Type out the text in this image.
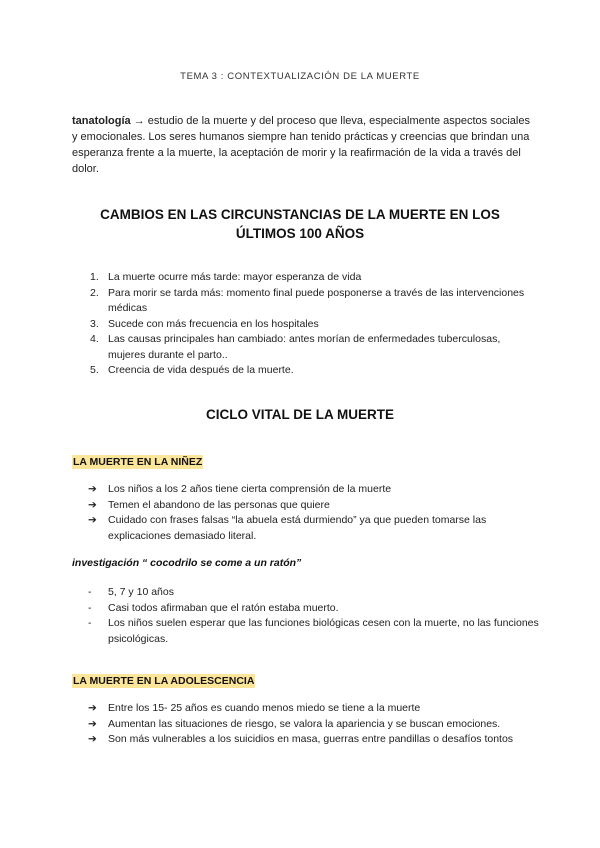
TEMA 3 : CONTEXTUALIZACIÓN DE LA MUERTE
tanatología → estudio de la muerte y del proceso que lleva, especialmente aspectos sociales y emocionales. Los seres humanos siempre han tenido prácticas y creencias que brindan una esperanza frente a la muerte, la aceptación de morir y la reafirmación de la vida a través del dolor.
CAMBIOS EN LAS CIRCUNSTANCIAS DE LA MUERTE EN LOS
ÚLTIMOS 100 AÑOS
1. La muerte ocurre más tarde: mayor esperanza de vida
2. Para morir se tarda más: momento final puede posponerse a través de las intervenciones médicas
3. Sucede con más frecuencia en los hospitales
4. Las causas principales han cambiado: antes morían de enfermedades tuberculosas, mujeres durante el parto..
5. Creencia de vida después de la muerte.
CICLO VITAL DE LA MUERTE
LA MUERTE EN LA NIÑEZ
➔ Los niños a los 2 años tiene cierta comprensión de la muerte
➔ Temen el abandono de las personas que quiere
➔ Cuidado con frases falsas “la abuela está durmiendo” ya que pueden tomarse las explicaciones demasiado literal.
investigación “ cocodrilo se come a un ratón”
- 5, 7 y 10 años
- Casi todos afirmaban que el ratón estaba muerto.
- Los niños suelen esperar que las funciones biológicas cesen con la muerte, no las funciones psicológicas.
LA MUERTE EN LA ADOLESCENCIA
➔ Entre los 15- 25 años es cuando menos miedo se tiene a la muerte
➔ Aumentan las situaciones de riesgo, se valora la apariencia y se buscan emociones.
➔ Son más vulnerables a los suicidios en masa, guerras entre pandillas o desafíos tontos
